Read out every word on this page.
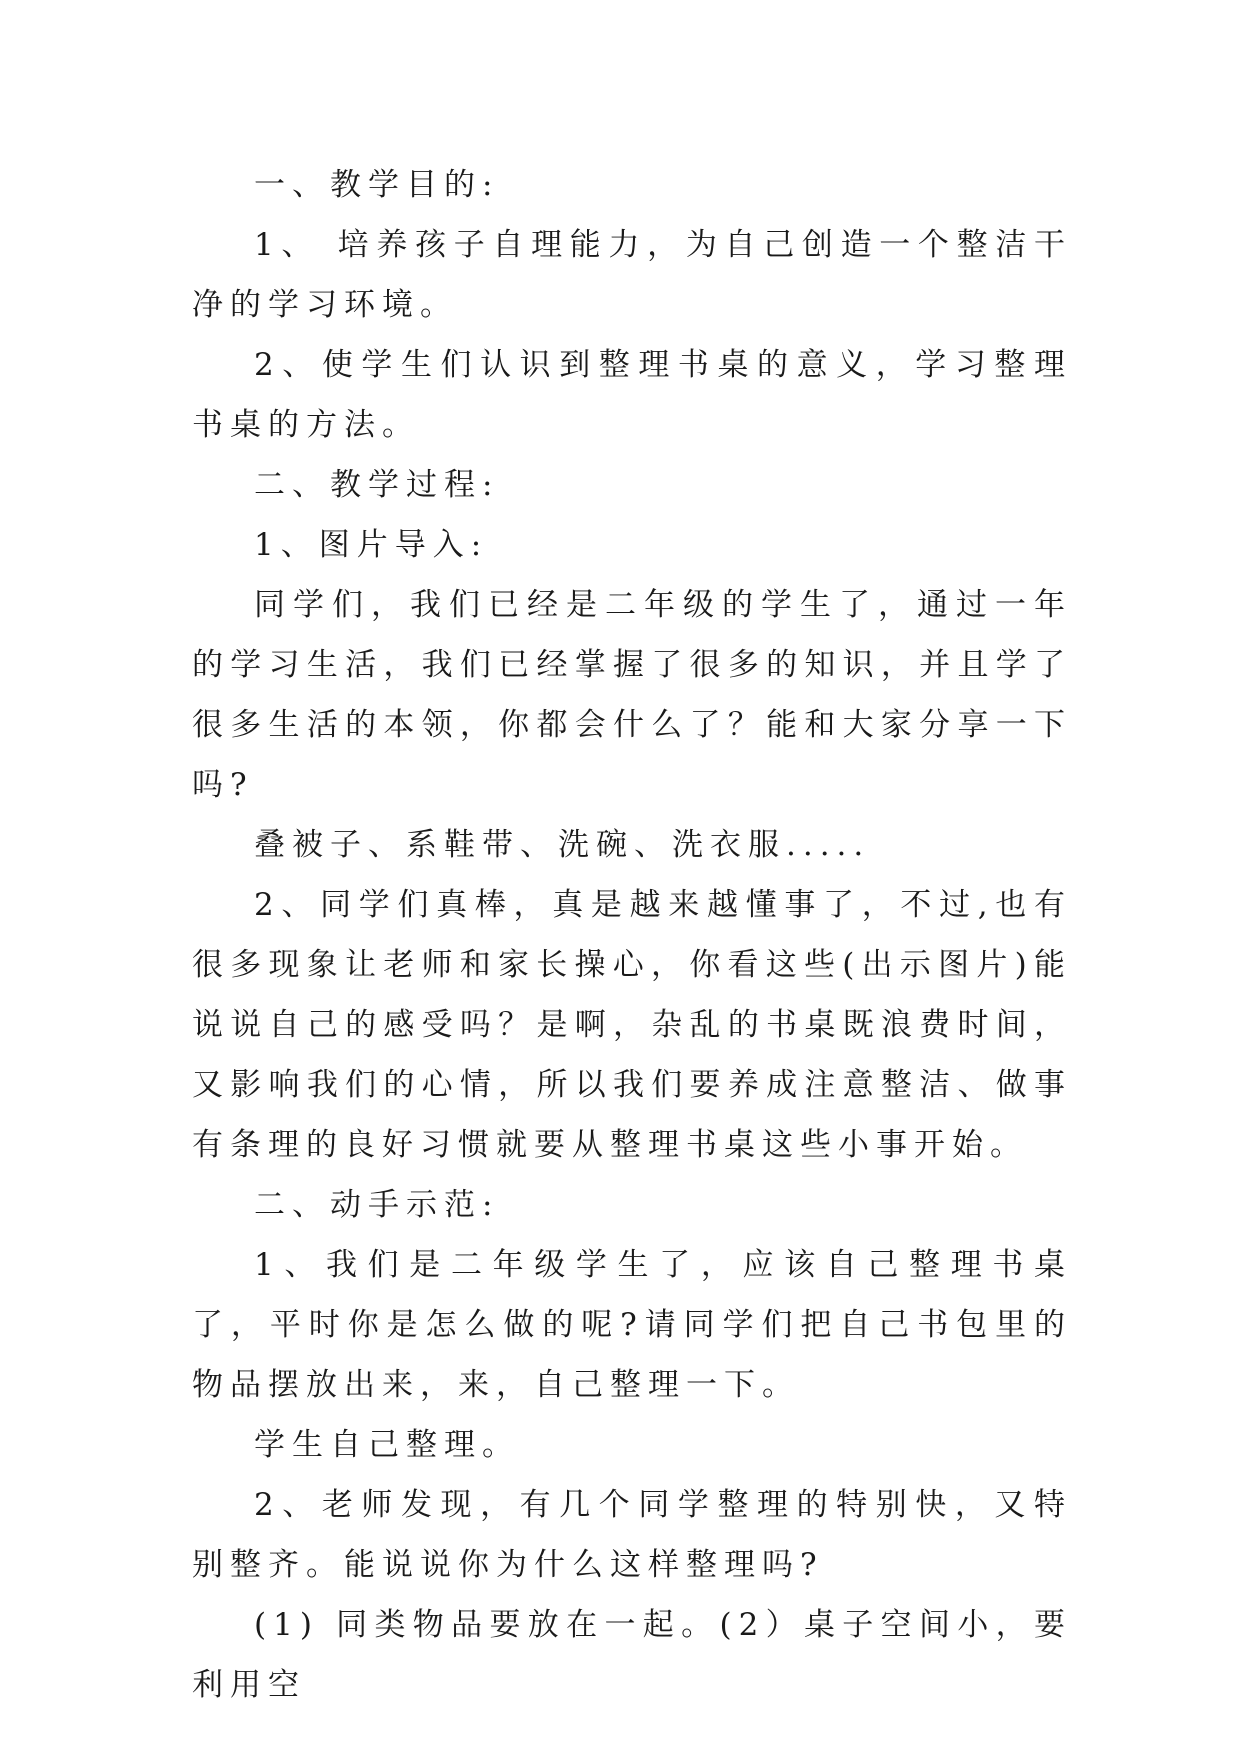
一、教学目的:

1、 培养孩子自理能力，为自己创造一个整洁干净的学习环境。

2、使学生们认识到整理书桌的意义，学习整理书桌的方法。

二、教学过程:

1、图片导入:

同学们，我们已经是二年级的学生了，通过一年的学习生活，我们已经掌握了很多的知识，并且学了很多生活的本领，你都会什么了？能和大家分享一下吗?

叠被子、系鞋带、洗碗、洗衣服.....

2、同学们真棒，真是越来越懂事了，不过,也有很多现象让老师和家长操心，你看这些(出示图片)能说说自己的感受吗？是啊，杂乱的书桌既浪费时间，又影响我们的心情，所以我们要养成注意整洁、做事有条理的良好习惯就要从整理书桌这些小事开始。

二、动手示范:

1、我们是二年级学生了，应该自己整理书桌了，平时你是怎么做的呢?请同学们把自己书包里的物品摆放出来，来，自己整理一下。

学生自己整理。

2、老师发现，有几个同学整理的特别快，又特别整齐。能说说你为什么这样整理吗?

(1) 同类物品要放在一起。(2）桌子空间小，要利用空
